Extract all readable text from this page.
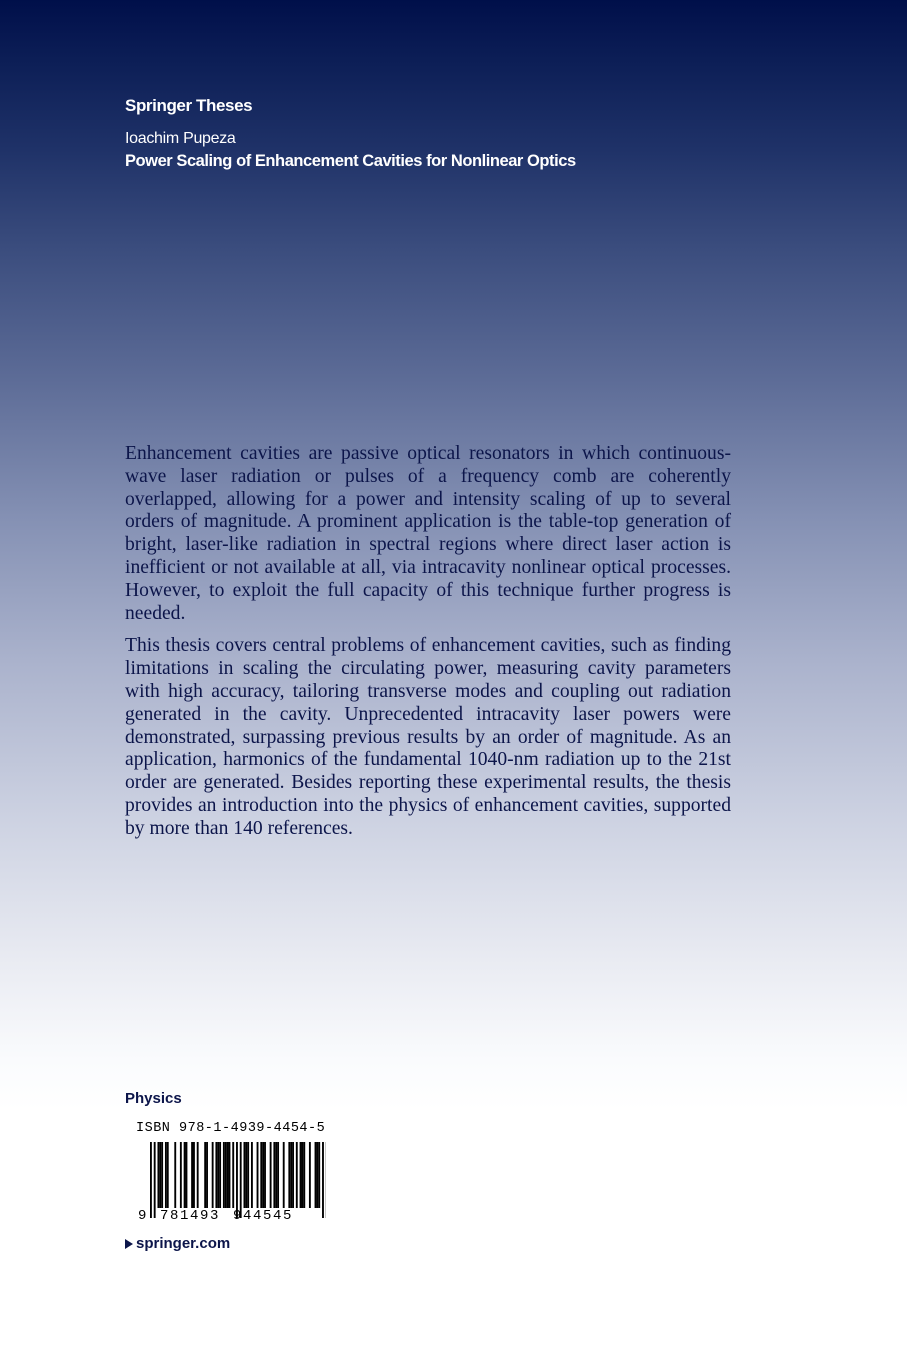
Springer Theses
Ioachim Pupeza
Power Scaling of Enhancement Cavities for Nonlinear Optics

Enhancement cavities are passive optical resonators in which continuous-wave laser radiation or pulses of a frequency comb are coherently overlapped, allowing for a power and intensity scaling of up to several orders of magnitude. A prominent application is the table-top generation of bright, laser-like radiation in spectral regions where direct laser action is inefficient or not available at all, via intracavity nonlinear optical processes. However, to exploit the full capacity of this technique further progress is needed.

This thesis covers central problems of enhancement cavities, such as finding limitations in scaling the circulating power, measuring cavity parameters with high accuracy, tailoring transverse modes and coupling out radiation generated in the cavity. Unprecedented intracavity laser powers were demonstrated, surpassing previous results by an order of magnitude. As an application, harmonics of the fundamental 1040-nm radiation up to the 21st order are generated. Besides reporting these experimental results, the thesis provides an introduction into the physics of enhancement cavities, supported by more than 140 references.

Physics
ISBN 978-1-4939-4454-5
9 781493 944545
springer.com
